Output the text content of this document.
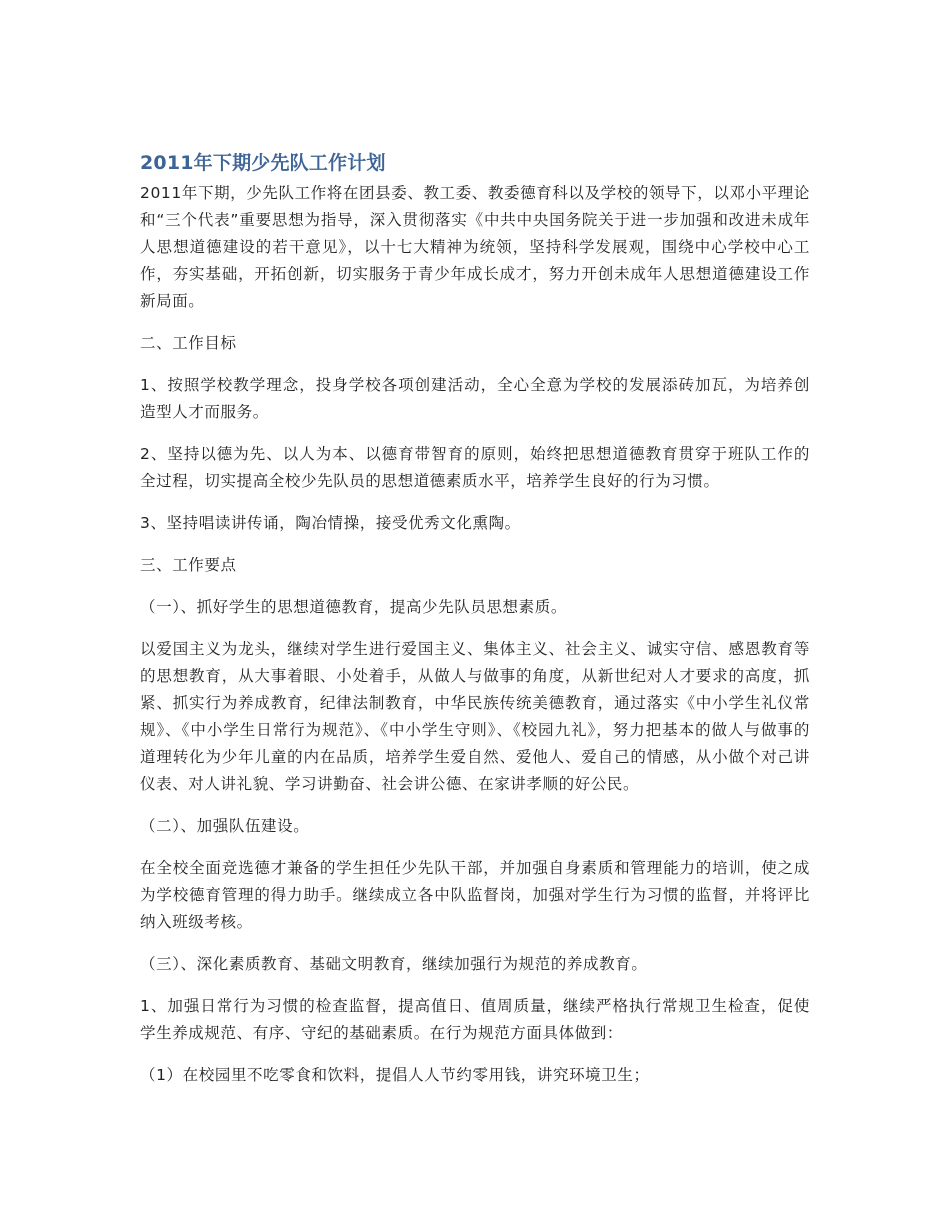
2011年下期少先队工作计划

2011年下期，少先队工作将在团县委、教工委、教委德育科以及学校的领导下，以邓小平理论和“三个代表”重要思想为指导，深入贯彻落实《中共中央国务院关于进一步加强和改进未成年人思想道德建设的若干意见》，以十七大精神为统领，坚持科学发展观，围绕中心学校中心工作，夯实基础，开拓创新，切实服务于青少年成长成才，努力开创未成年人思想道德建设工作新局面。

二、工作目标

1、按照学校教学理念，投身学校各项创建活动，全心全意为学校的发展添砖加瓦，为培养创造型人才而服务。

2、坚持以德为先、以人为本、以德育带智育的原则，始终把思想道德教育贯穿于班队工作的全过程，切实提高全校少先队员的思想道德素质水平，培养学生良好的行为习惯。

3、坚持唱读讲传诵，陶冶情操，接受优秀文化熏陶。

三、工作要点

（一）、抓好学生的思想道德教育，提高少先队员思想素质。

以爱国主义为龙头，继续对学生进行爱国主义、集体主义、社会主义、诚实守信、感恩教育等的思想教育，从大事着眼、小处着手，从做人与做事的角度，从新世纪对人才要求的高度，抓紧、抓实行为养成教育，纪律法制教育，中华民族传统美德教育，通过落实《中小学生礼仪常规》、《中小学生日常行为规范》、《中小学生守则》、《校园九礼》，努力把基本的做人与做事的道理转化为少年儿童的内在品质，培养学生爱自然、爱他人、爱自己的情感，从小做个对己讲仪表、对人讲礼貌、学习讲勤奋、社会讲公德、在家讲孝顺的好公民。

（二）、加强队伍建设。

在全校全面竞选德才兼备的学生担任少先队干部，并加强自身素质和管理能力的培训，使之成为学校德育管理的得力助手。继续成立各中队监督岗，加强对学生行为习惯的监督，并将评比纳入班级考核。

（三）、深化素质教育、基础文明教育，继续加强行为规范的养成教育。

1、加强日常行为习惯的检查监督，提高值日、值周质量，继续严格执行常规卫生检查，促使学生养成规范、有序、守纪的基础素质。在行为规范方面具体做到：

（1）在校园里不吃零食和饮料，提倡人人节约零用钱，讲究环境卫生；
